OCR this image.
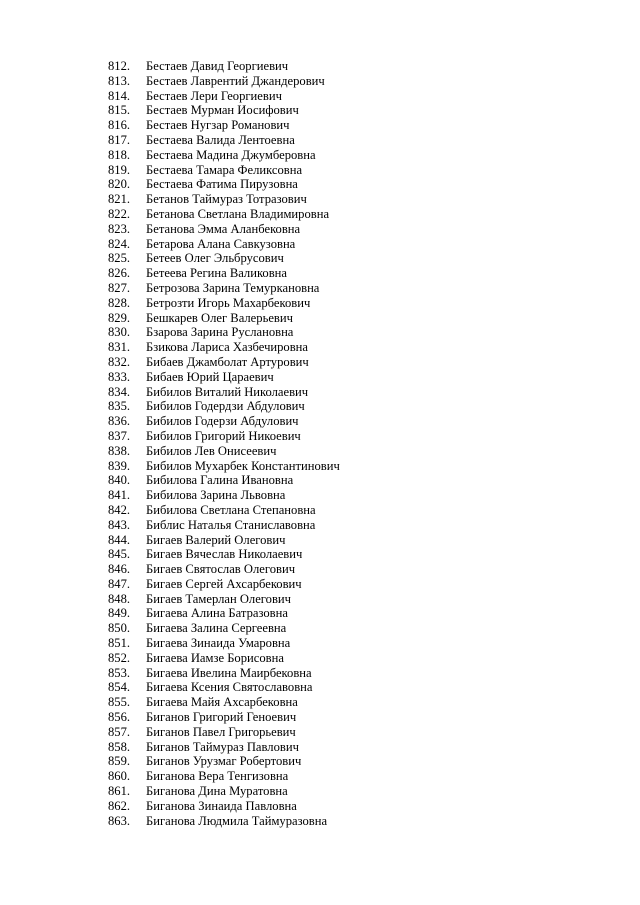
812.	Бестаев Давид Георгиевич
813.	Бестаев Лаврентий Джандерович
814.	Бестаев Лери Георгиевич
815.	Бестаев Мурман Иосифович
816.	Бестаев Нугзар Романович
817.	Бестаева Валида Лентоевна
818.	Бестаева Мадина Джумберовна
819.	Бестаева Тамара Феликсовна
820.	Бестаева Фатима Пирузовна
821.	Бетанов Таймураз Тотразович
822.	Бетанова Светлана Владимировна
823.	Бетанова Эмма Аланбековна
824.	Бетарова Алана Савкузовна
825.	Бетеев Олег Эльбрусович
826.	Бетеева Регина Валиковна
827.	Бетрозова Зарина Темуркановна
828.	Бетрозти Игорь Махарбекович
829.	Бешкарев Олег Валерьевич
830.	Бзарова Зарина Руслановна
831.	Бзикова Лариса Хазбечировна
832.	Бибаев Джамболат Артурович
833.	Бибаев Юрий Цараевич
834.	Бибилов Виталий Николаевич
835.	Бибилов Годердзи Абдулович
836.	Бибилов Годерзи Абдулович
837.	Бибилов Григорий Никоевич
838.	Бибилов Лев Онисеевич
839.	Бибилов Мухарбек Константинович
840.	Бибилова Галина Ивановна
841.	Бибилова Зарина Львовна
842.	Бибилова Светлана Степановна
843.	Библис Наталья Станиславовна
844.	Бигаев Валерий Олегович
845.	Бигаев Вячеслав Николаевич
846.	Бигаев Святослав Олегович
847.	Бигаев Сергей Ахсарбекович
848.	Бигаев Тамерлан Олегович
849.	Бигаева Алина Батразовна
850.	Бигаева Залина Сергеевна
851.	Бигаева Зинаида Умаровна
852.	Бигаева Иамзе Борисовна
853.	Бигаева Ивелина Маирбековна
854.	Бигаева Ксения Святославовна
855.	Бигаева Майя Ахсарбековна
856.	Биганов Григорий Геноевич
857.	Биганов Павел Григорьевич
858.	Биганов Таймураз Павлович
859.	Биганов Урузмаг Робертович
860.	Биганова Вера Тенгизовна
861.	Биганова Дина Муратовна
862.	Биганова Зинаида Павловна
863.	Биганова Людмила Таймуразовна
